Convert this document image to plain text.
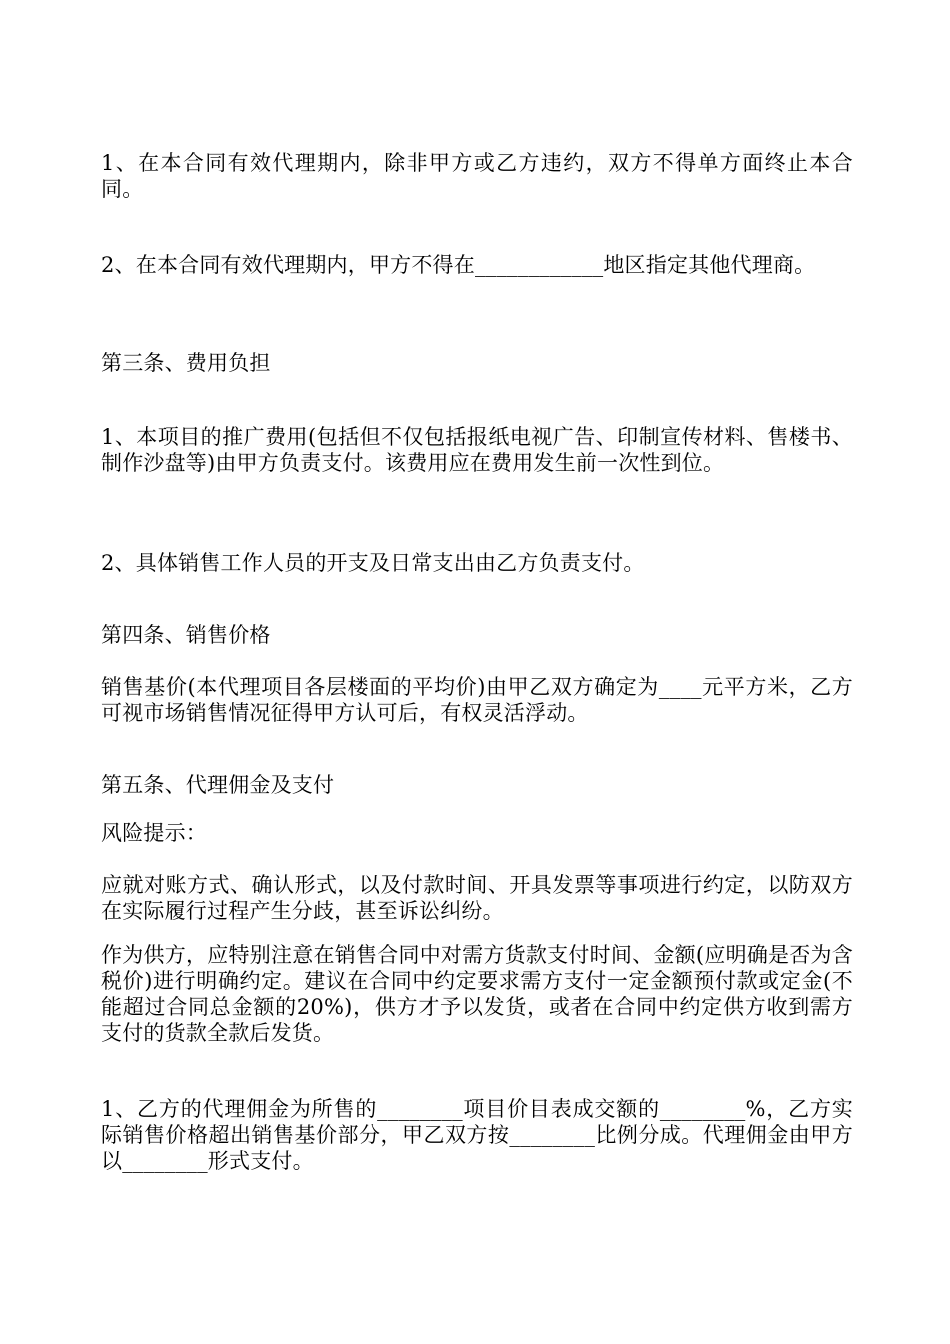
1、在本合同有效代理期内，除非甲方或乙方违约，双方不得单方面终止本合同。

2、在本合同有效代理期内，甲方不得在____________地区指定其他代理商。

第三条、费用负担

1、本项目的推广费用(包括但不仅包括报纸电视广告、印制宣传材料、售楼书、制作沙盘等)由甲方负责支付。该费用应在费用发生前一次性到位。

2、具体销售工作人员的开支及日常支出由乙方负责支付。

第四条、销售价格

销售基价(本代理项目各层楼面的平均价)由甲乙双方确定为____元平方米，乙方可视市场销售情况征得甲方认可后，有权灵活浮动。

第五条、代理佣金及支付

风险提示：

应就对账方式、确认形式，以及付款时间、开具发票等事项进行约定，以防双方在实际履行过程产生分歧，甚至诉讼纠纷。

作为供方，应特别注意在销售合同中对需方货款支付时间、金额(应明确是否为含税价)进行明确约定。建议在合同中约定要求需方支付一定金额预付款或定金(不能超过合同总金额的20%)，供方才予以发货，或者在合同中约定供方收到需方支付的货款全款后发货。

1、乙方的代理佣金为所售的________项目价目表成交额的________%，乙方实际销售价格超出销售基价部分，甲乙双方按________比例分成。代理佣金由甲方以________形式支付。
